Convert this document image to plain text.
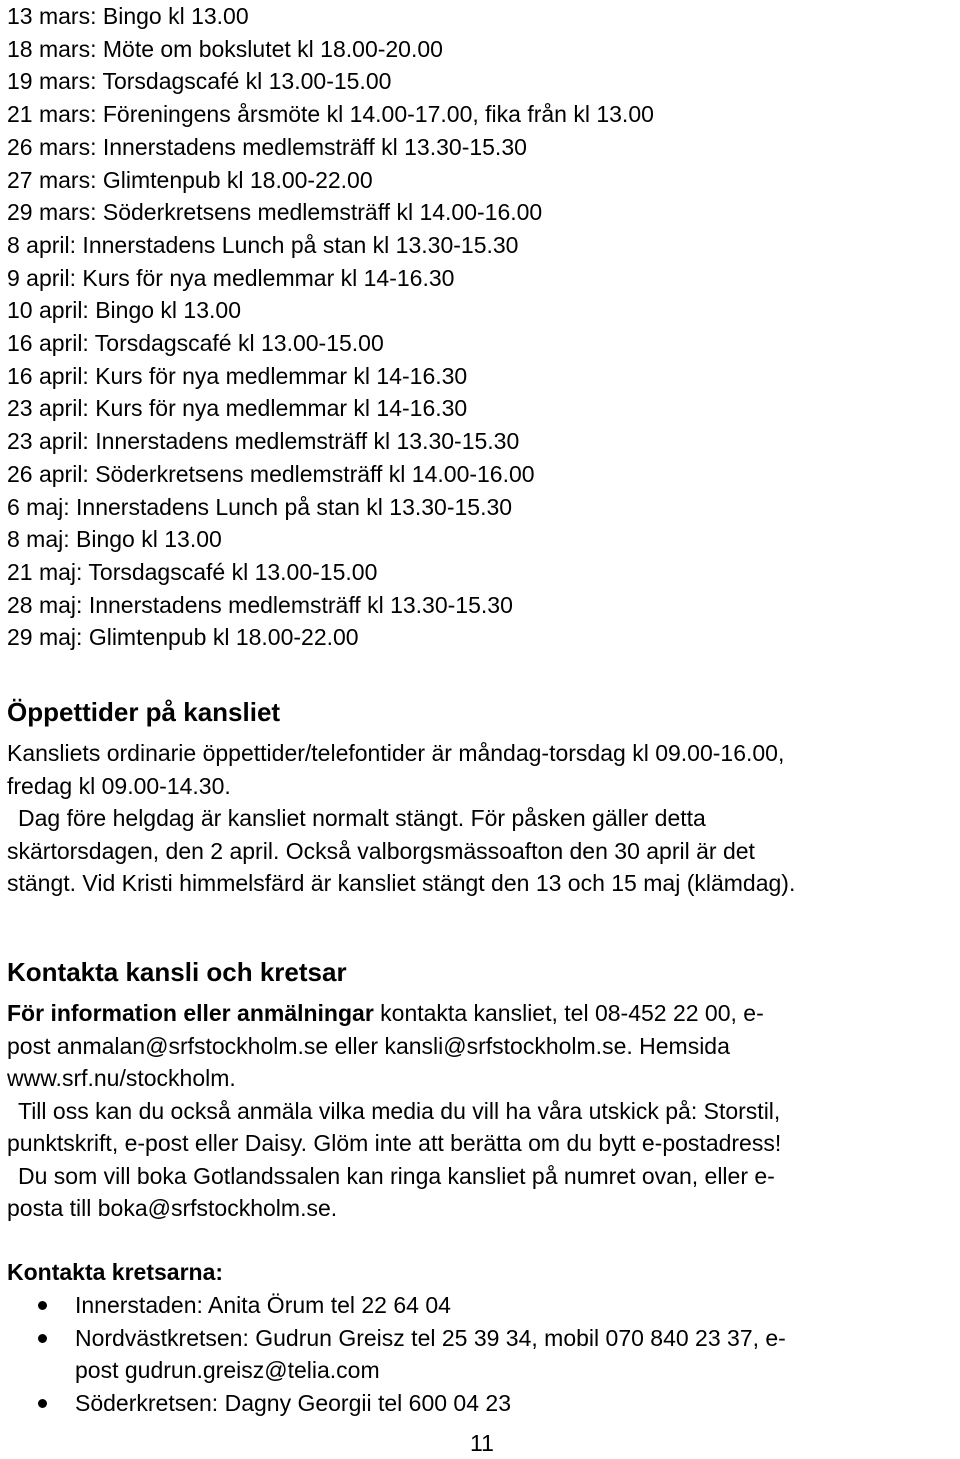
13 mars: Bingo kl 13.00
18 mars: Möte om bokslutet kl 18.00-20.00
19 mars: Torsdagscafé kl 13.00-15.00
21 mars: Föreningens årsmöte kl 14.00-17.00, fika från kl 13.00
26 mars: Innerstadens medlemsträff kl 13.30-15.30
27 mars: Glimtenpub kl 18.00-22.00
29 mars: Söderkretsens medlemsträff kl 14.00-16.00
8 april: Innerstadens Lunch på stan kl 13.30-15.30
9 april: Kurs för nya medlemmar kl 14-16.30
10 april: Bingo kl 13.00
16 april: Torsdagscafé kl 13.00-15.00
16 april: Kurs för nya medlemmar kl 14-16.30
23 april: Kurs för nya medlemmar kl 14-16.30
23 april: Innerstadens medlemsträff kl 13.30-15.30
26 april: Söderkretsens medlemsträff kl 14.00-16.00
6 maj: Innerstadens Lunch på stan kl 13.30-15.30
8 maj: Bingo kl 13.00
21 maj: Torsdagscafé kl 13.00-15.00
28 maj: Innerstadens medlemsträff kl 13.30-15.30
29 maj: Glimtenpub kl 18.00-22.00
Öppettider på kansliet

Kansliets ordinarie öppettider/telefontider är måndag-torsdag kl 09.00-16.00,

fredag kl 09.00-14.30.

Dag före helgdag är kansliet normalt stängt. För påsken gäller detta

skärtorsdagen, den 2 april. Också valborgsmässoafton den 30 april är det

stängt. Vid Kristi himmelsfärd är kansliet stängt den 13 och 15 maj (klämdag).

Kontakta kansli och kretsar

För information eller anmälningar kontakta kansliet, tel 08-452 22 00, e-

post anmalan@srfstockholm.se eller kansli@srfstockholm.se. Hemsida

www.srf.nu/stockholm.

Till oss kan du också anmäla vilka media du vill ha våra utskick på: Storstil,

punktskrift, e-post eller Daisy. Glöm inte att berätta om du bytt e-postadress!

Du som vill boka Gotlandssalen kan ringa kansliet på numret ovan, eller e-

posta till boka@srfstockholm.se.

Kontakta kretsarna:
Innerstaden: Anita Örum tel 22 64 04
Nordvästkretsen: Gudrun Greisz tel 25 39 34, mobil 070 840 23 37, e-
post gudrun.greisz@telia.com
Söderkretsen: Dagny Georgii tel 600 04 23
11
